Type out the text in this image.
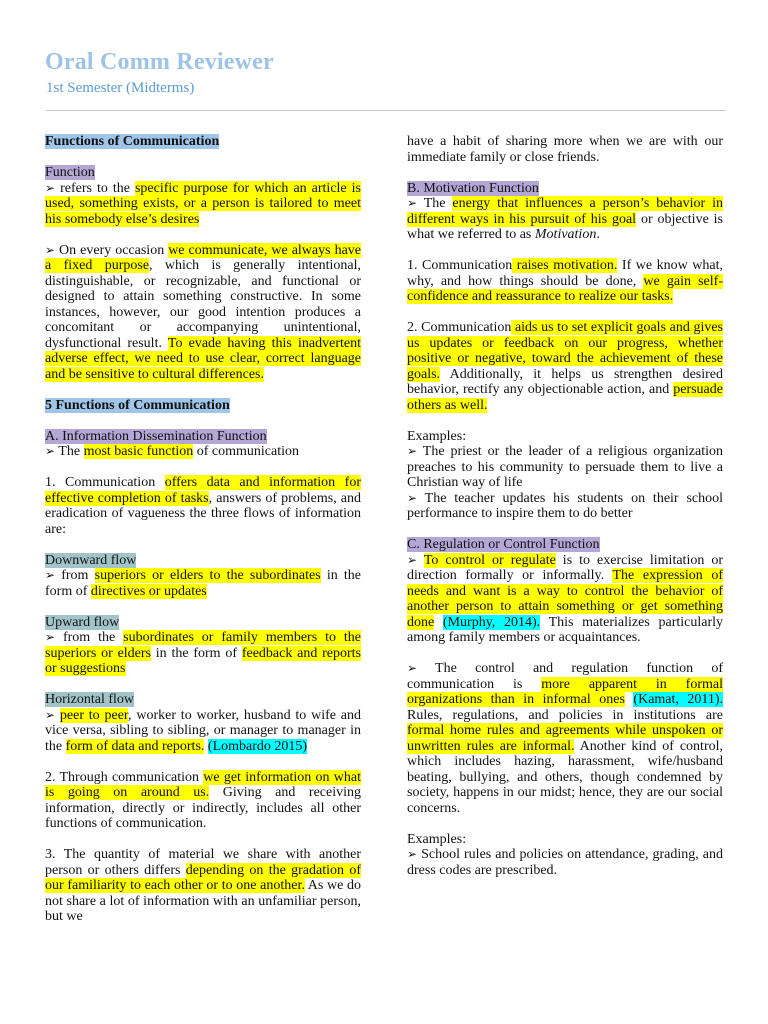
Oral Comm Reviewer
1st Semester (Midterms)

Functions of Communication

Function

➢ refers to the specific purpose for which an article is used, something exists, or a person is tailored to meet his somebody else’s desires

➢ On every occasion we communicate, we always have a fixed purpose, which is generally intentional, distinguishable, or recognizable, and functional or designed to attain something constructive. In some instances, however, our good intention produces a concomitant or accompanying unintentional, dysfunctional result. To evade having this inadvertent adverse effect, we need to use clear, correct language and be sensitive to cultural differences.

5 Functions of Communication

A. Information Dissemination Function

➢ The most basic function of communication

1. Communication offers data and information for effective completion of tasks, answers of problems, and eradication of vagueness the three flows of information are:

Downward flow

➢ from superiors or elders to the subordinates in the form of directives or updates

Upward flow

➢ from the subordinates or family members to the superiors or elders in the form of feedback and reports or suggestions

Horizontal flow

➢ peer to peer, worker to worker, husband to wife and vice versa, sibling to sibling, or manager to manager in the form of data and reports. (Lombardo 2015)

2. Through communication we get information on what is going on around us. Giving and receiving information, directly or indirectly, includes all other functions of communication.

3. The quantity of material we share with another person or others differs depending on the gradation of our familiarity to each other or to one another. As we do not share a lot of information with an unfamiliar person, but we

have a habit of sharing more when we are with our immediate family or close friends.

B. Motivation Function

➢ The energy that influences a person’s behavior in different ways in his pursuit of his goal or objective is what we referred to as Motivation.

1. Communication raises motivation. If we know what, why, and how things should be done, we gain self-confidence and reassurance to realize our tasks.

2. Communication aids us to set explicit goals and gives us updates or feedback on our progress, whether positive or negative, toward the achievement of these goals. Additionally, it helps us strengthen desired behavior, rectify any objectionable action, and persuade others as well.

Examples:

➢ The priest or the leader of a religious organization preaches to his community to persuade them to live a Christian way of life

➢ The teacher updates his students on their school performance to inspire them to do better

C. Regulation or Control Function

➢ To control or regulate is to exercise limitation or direction formally or informally. The expression of needs and want is a way to control the behavior of another person to attain something or get something done (Murphy, 2014). This materializes particularly among family members or acquaintances.

➢ The control and regulation function of communication is more apparent in formal organizations than in informal ones (Kamat, 2011). Rules, regulations, and policies in institutions are formal home rules and agreements while unspoken or unwritten rules are informal. Another kind of control, which includes hazing, harassment, wife/husband beating, bullying, and others, though condemned by society, happens in our midst; hence, they are our social concerns.

Examples:

➢ School rules and policies on attendance, grading, and dress codes are prescribed.
